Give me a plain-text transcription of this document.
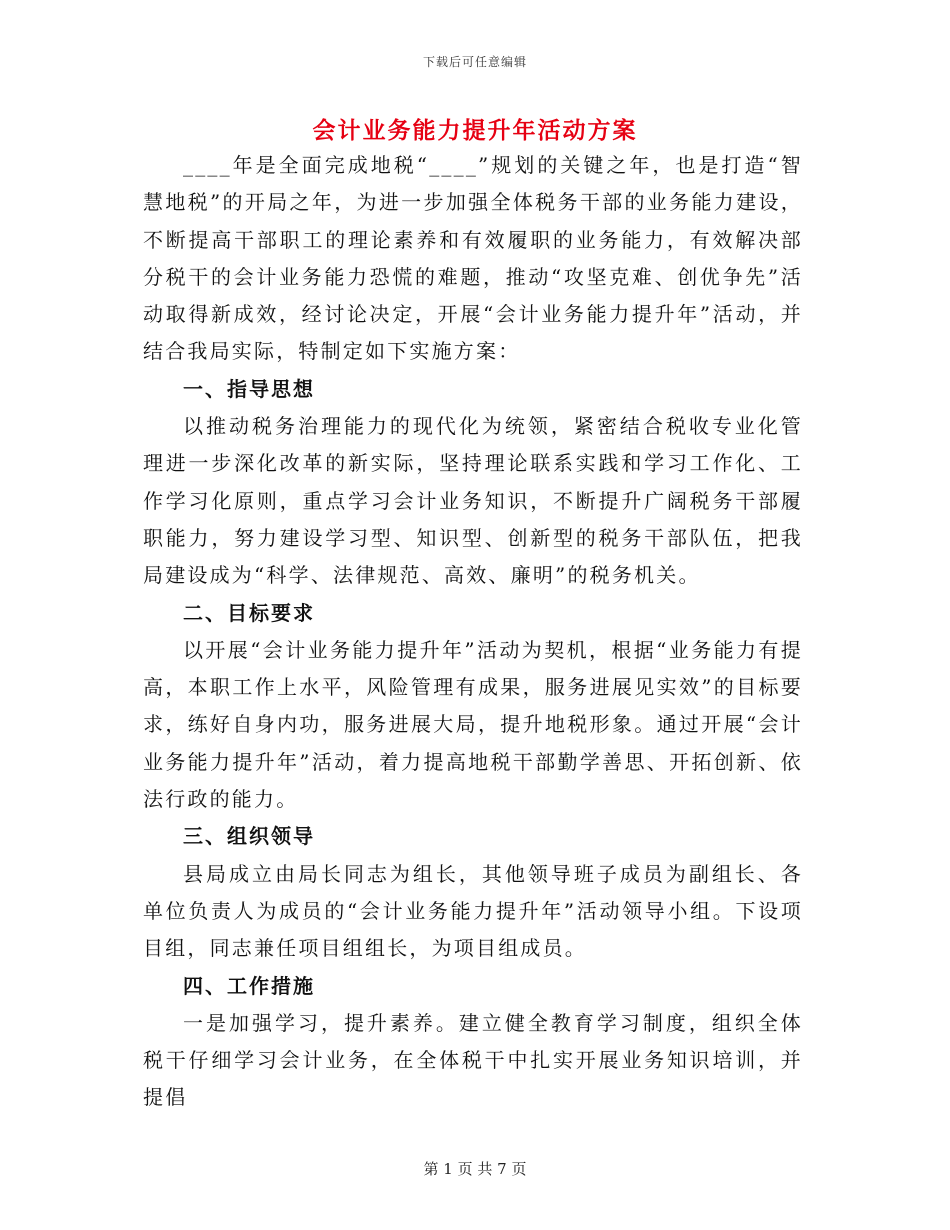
下载后可任意编辑
会计业务能力提升年活动方案

____年是全面完成地税“____”规划的关键之年，也是打造“智慧地税”的开局之年，为进一步加强全体税务干部的业务能力建设，不断提高干部职工的理论素养和有效履职的业务能力，有效解决部分税干的会计业务能力恐慌的难题，推动“攻坚克难、创优争先”活动取得新成效，经讨论决定，开展“会计业务能力提升年”活动，并结合我局实际，特制定如下实施方案：

一、指导思想

以推动税务治理能力的现代化为统领，紧密结合税收专业化管理进一步深化改革的新实际，坚持理论联系实践和学习工作化、工作学习化原则，重点学习会计业务知识，不断提升广阔税务干部履职能力，努力建设学习型、知识型、创新型的税务干部队伍，把我局建设成为“科学、法律规范、高效、廉明”的税务机关。

二、目标要求

以开展“会计业务能力提升年”活动为契机，根据“业务能力有提高，本职工作上水平，风险管理有成果，服务进展见实效”的目标要求，练好自身内功，服务进展大局，提升地税形象。通过开展“会计业务能力提升年”活动，着力提高地税干部勤学善思、开拓创新、依法行政的能力。

三、组织领导

县局成立由局长同志为组长，其他领导班子成员为副组长、各单位负责人为成员的“会计业务能力提升年”活动领导小组。下设项目组，同志兼任项目组组长，为项目组成员。

四、工作措施

一是加强学习，提升素养。建立健全教育学习制度，组织全体税干仔细学习会计业务，在全体税干中扎实开展业务知识培训，并提倡

第 1 页 共 7 页
